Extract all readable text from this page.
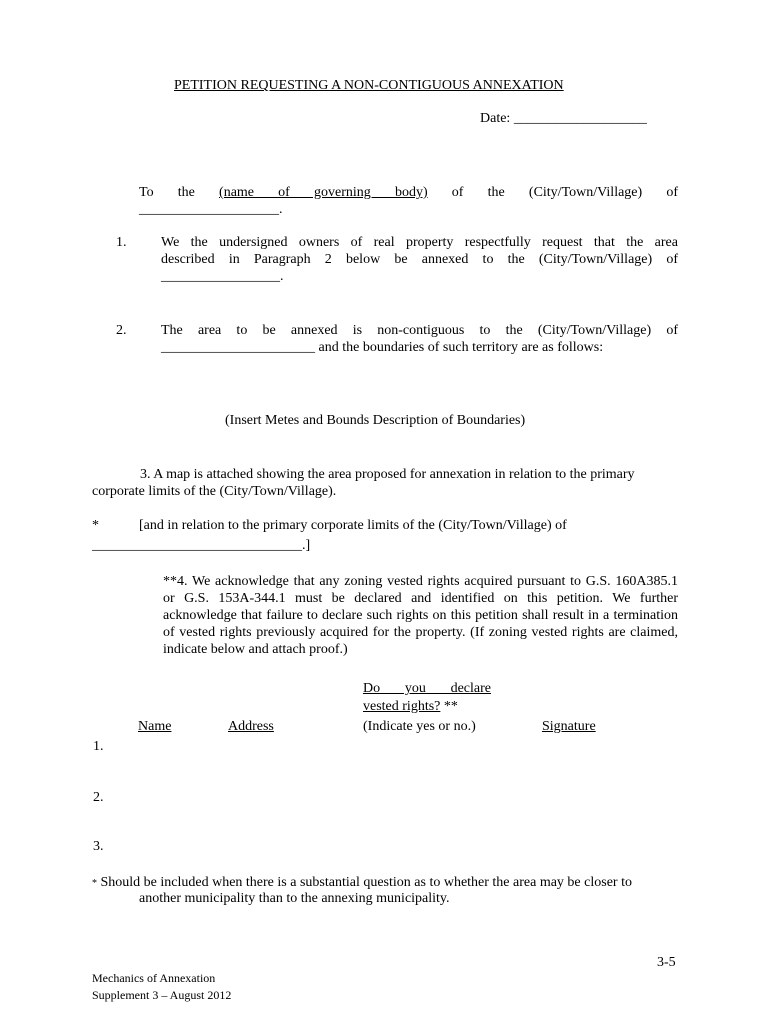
PETITION REQUESTING A NON-CONTIGUOUS ANNEXATION
Date: ___________________
To the (name of governing body) of the (City/Town/Village) of
____________________.
1. We the undersigned owners of real property respectfully request that the area
described in Paragraph 2 below be annexed to the (City/Town/Village) of
_________________.
2. The area to be annexed is non-contiguous to the (City/Town/Village) of
______________________ and the boundaries of such territory are as follows:
(Insert Metes and Bounds Description of Boundaries)
3. A map is attached showing the area proposed for annexation in relation to the primary
corporate limits of the (City/Town/Village).
*	[and in relation to the primary corporate limits of the (City/Town/Village) of
______________________________.]
**4. We acknowledge that any zoning vested rights acquired pursuant to G.S. 160A385.1 or G.S. 153A-344.1 must be declared and identified on this petition. We further acknowledge that failure to declare such rights on this petition shall result in a termination of vested rights previously acquired for the property. (If zoning vested rights are claimed, indicate below and attach proof.)
Do you declare
vested rights? **
Name	Address	(Indicate yes or no.)	Signature
1.
2.
3.
* Should be included when there is a substantial question as to whether the area may be closer to
another municipality than to the annexing municipality.
3-5
Mechanics of Annexation
Supplement 3 – August 2012
